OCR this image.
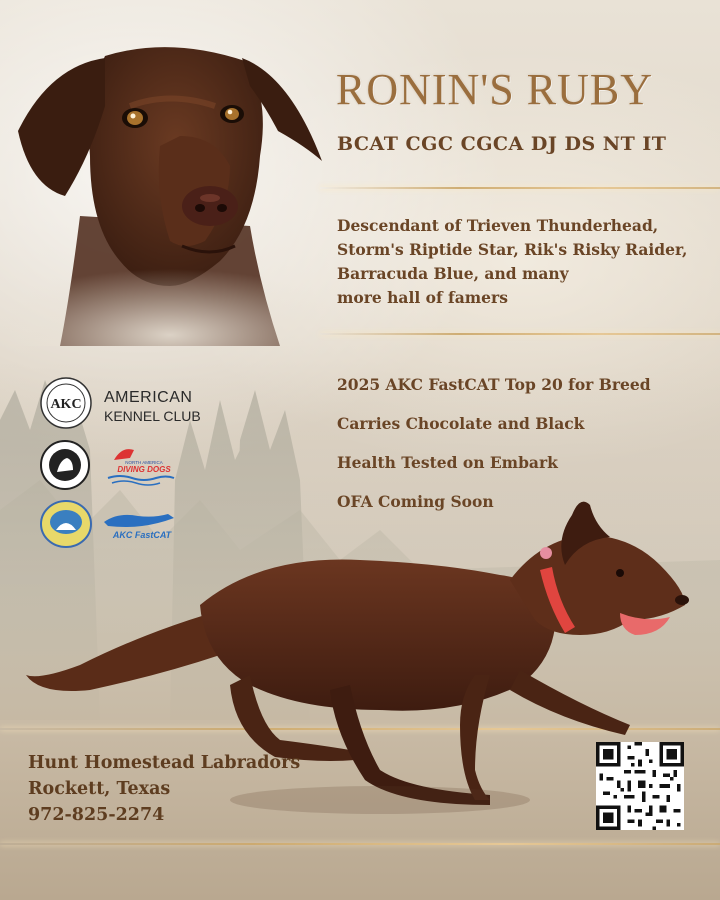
RONIN'S RUBY
BCAT CGC CGCA DJ DS NT IT
Descendant of Trieven Thunderhead,
Storm's Riptide Star, Rik's Risky Raider,
Barracuda Blue, and many
more hall of famers
2025 AKC FastCAT Top 20 for Breed
Carries Chocolate and Black
Health Tested on Embark
OFA Coming Soon
AKC AMERICAN
KENNEL CLUB
NORTH AMERICA
DIVING DOGS
AKC FastCAT
Hunt Homestead Labradors
Rockett, Texas
972-825-2274
